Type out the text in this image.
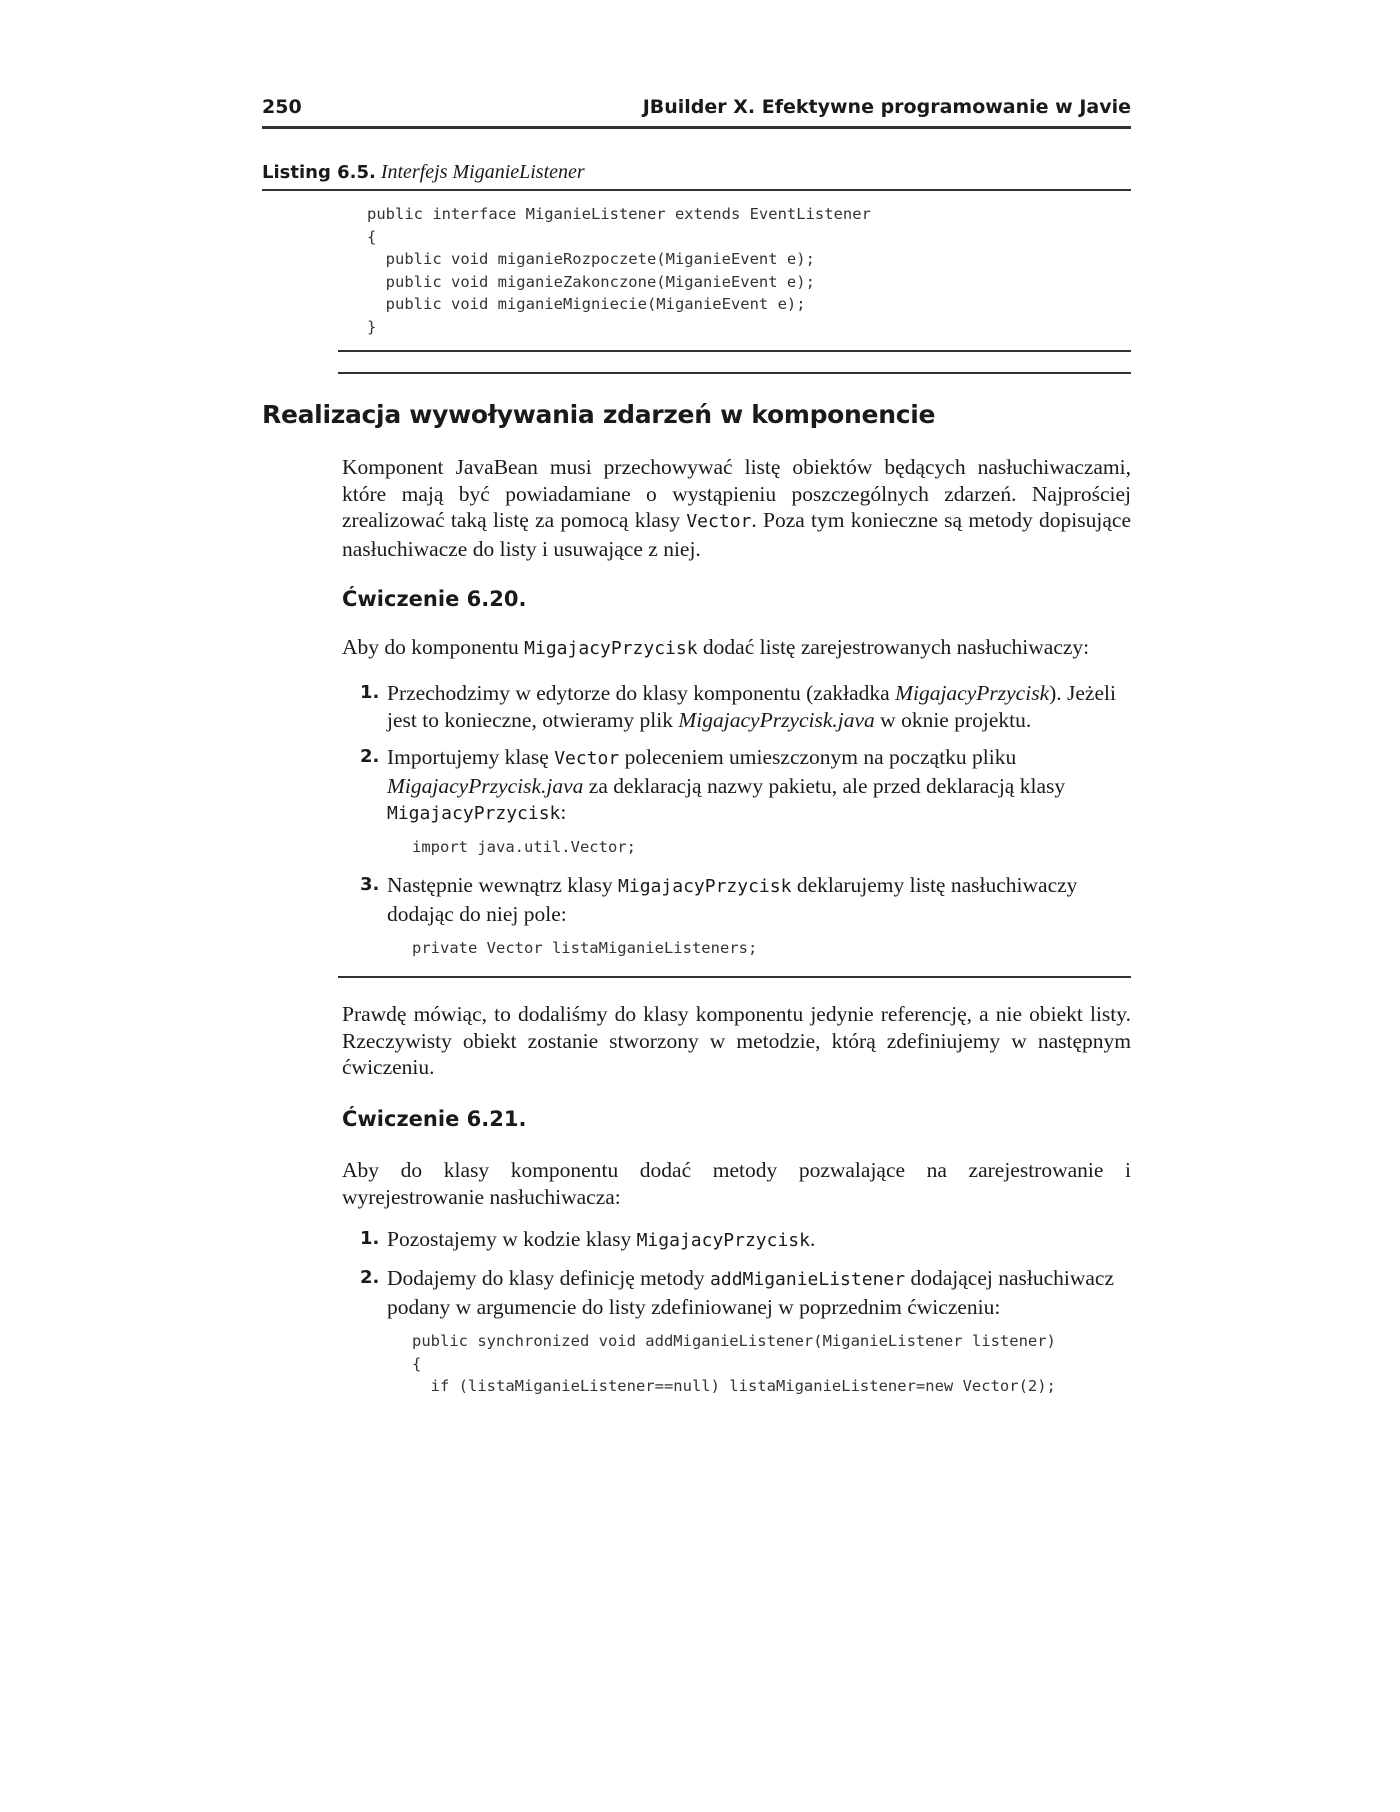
250	JBuilder X. Efektywne programowanie w Javie
Listing 6.5. Interfejs MiganieListener
public interface MiganieListener extends EventListener
{
public void miganieRozpoczete(MiganieEvent e);
public void miganieZakonczone(MiganieEvent e);
public void miganieMigniecie(MiganieEvent e);
}
Realizacja wywoływania zdarzeń w komponencie
Komponent JavaBean musi przechowywać listę obiektów będących nasłuchiwaczami, które mają być powiadamiane o wystąpieniu poszczególnych zdarzeń. Najprościej zrealizować taką listę za pomocą klasy Vector. Poza tym konieczne są metody dopisujące nasłuchiwacze do listy i usuwające z niej.
Ćwiczenie 6.20.
Aby do komponentu MigajacyPrzycisk dodać listę zarejestrowanych nasłuchiwaczy:
1. Przechodzimy w edytorze do klasy komponentu (zakładka MigajacyPrzycisk). Jeżeli jest to konieczne, otwieramy plik MigajacyPrzycisk.java w oknie projektu.
2. Importujemy klasę Vector poleceniem umieszczonym na początku pliku MigajacyPrzycisk.java za deklaracją nazwy pakietu, ale przed deklaracją klasy MigajacyPrzycisk:
import java.util.Vector;
3. Następnie wewnątrz klasy MigajacyPrzycisk deklarujemy listę nasłuchiwaczy dodając do niej pole:
private Vector listaMiganieListeners;
Prawdę mówiąc, to dodaliśmy do klasy komponentu jedynie referencję, a nie obiekt listy. Rzeczywisty obiekt zostanie stworzony w metodzie, którą zdefiniujemy w następnym ćwiczeniu.
Ćwiczenie 6.21.
Aby do klasy komponentu dodać metody pozwalające na zarejestrowanie i wyrejestrowanie nasłuchiwacza:
1. Pozostajemy w kodzie klasy MigajacyPrzycisk.
2. Dodajemy do klasy definicję metody addMiganieListener dodającej nasłuchiwacz podany w argumencie do listy zdefiniowanej w poprzednim ćwiczeniu:
public synchronized void addMiganieListener(MiganieListener listener)
{
if (listaMiganieListener==null) listaMiganieListener=new Vector(2);
